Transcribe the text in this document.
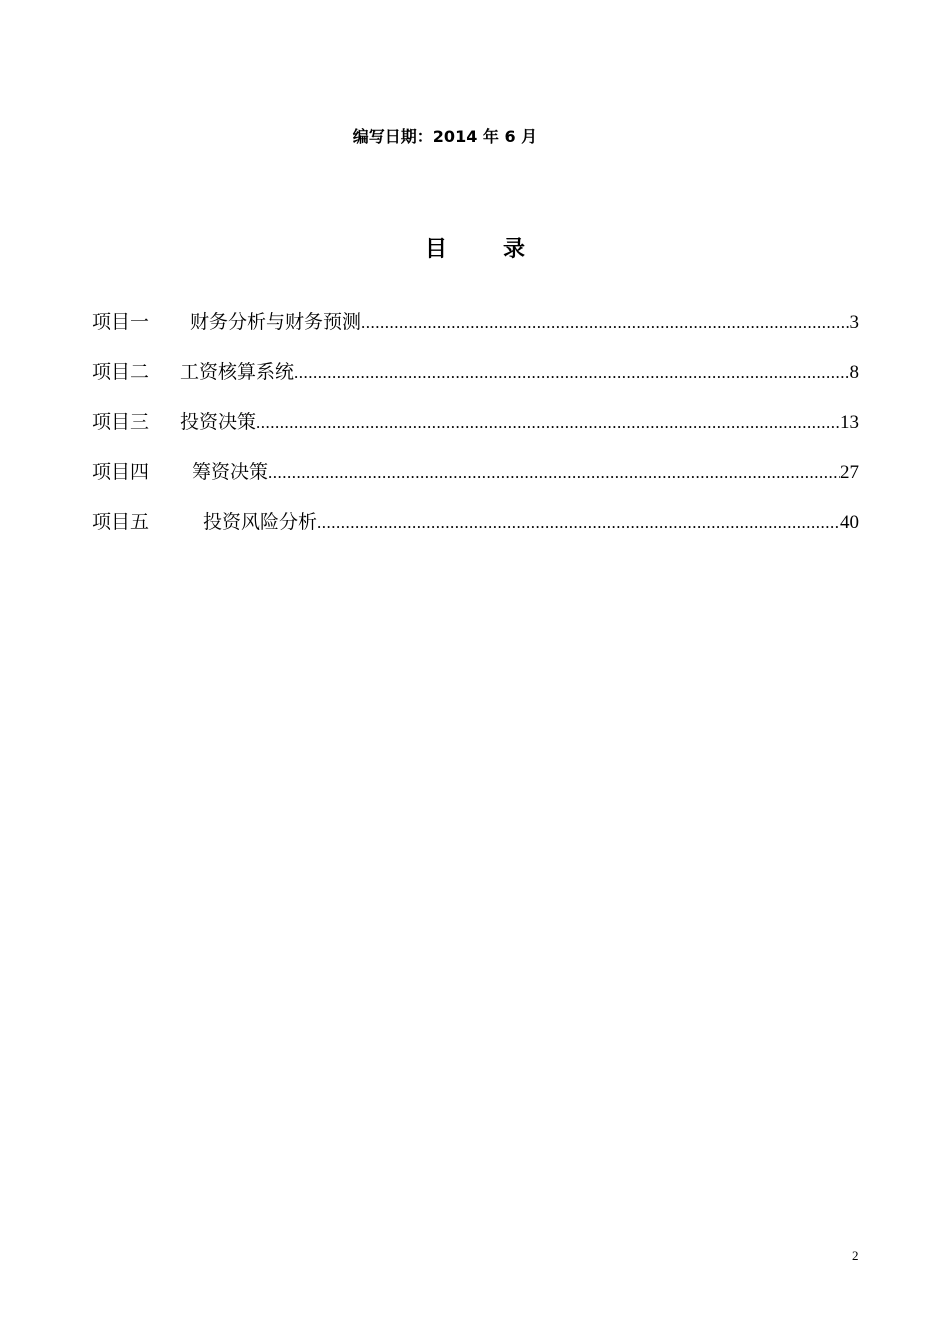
编写日期：2014 年 6 月
目	录
项目一	财务分析与财务预测 .....	3
项目二	工资核算系统 .....	8
项目三	投资决策 .....	13
项目四	筹资决策 .....	27
项目五	投资风险分析 .....	40
2
